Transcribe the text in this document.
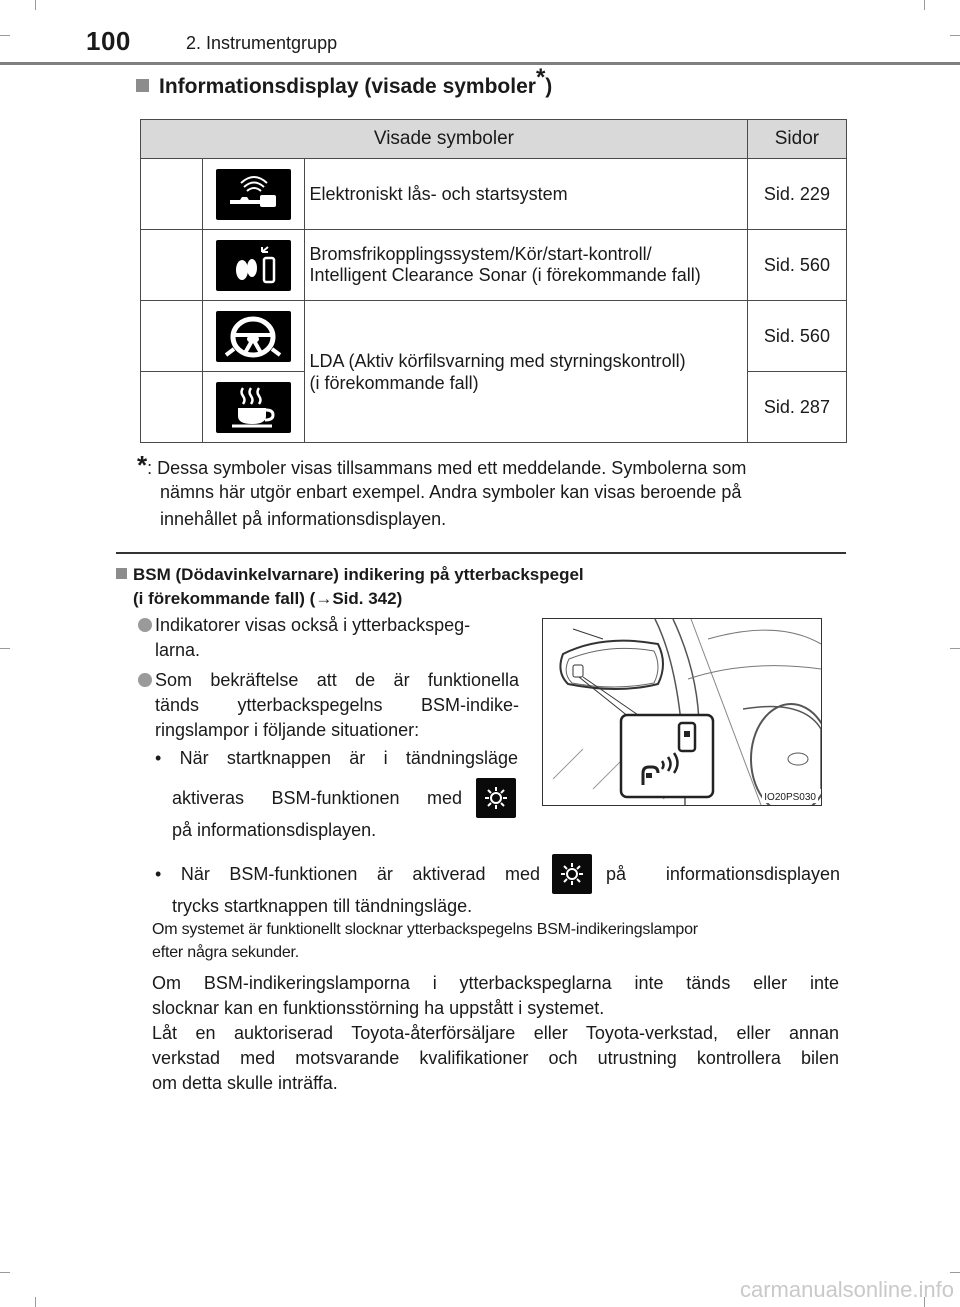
100	2. Instrumentgrupp
Informationsdisplay (visade symboler*)
Visade symboler			Sidor

	Elektroniskt lås- och startsystem	Sid. 229

Bromsfrikopplingssystem/Kör/start-kontroll/
Intelligent Clearance Sonar (i förekommande fall)	Sid. 560

LDA (Aktiv körfilsvarning med styrningskontroll)
(i förekommande fall)	Sid. 560

	Sid. 287
*: Dessa symboler visas tillsammans med ett meddelande. Symbolerna som
nämns här utgör enbart exempel. Andra symboler kan visas beroende på
innehållet på informationsdisplayen.
BSM (Dödavinkelvarnare) indikering på ytterbackspegel
(i förekommande fall) (→Sid. 342)
Indikatorer visas också i ytterbackspeg-
larna.
Som bekräftelse att de är funktionella
tänds ytterbackspegelns BSM-indike-
ringslampor i följande situationer:
• När startknappen är i tändningsläge
aktiveras BSM-funktionen med
på informationsdisplayen.
• När BSM-funktionen är aktiverad med	på informationsdisplayen
trycks startknappen till tändningsläge.
IO20PS030
Om systemet är funktionellt slocknar ytterbackspegelns BSM-indikeringslampor
efter några sekunder.
Om BSM-indikeringslamporna i ytterbackspeglarna inte tänds eller inte
slocknar kan en funktionsstörning ha uppstått i systemet.
Låt en auktoriserad Toyota-återförsäljare eller Toyota-verkstad, eller annan
verkstad med motsvarande kvalifikationer och utrustning kontrollera bilen
om detta skulle inträffa.
carmanualsonline.info
